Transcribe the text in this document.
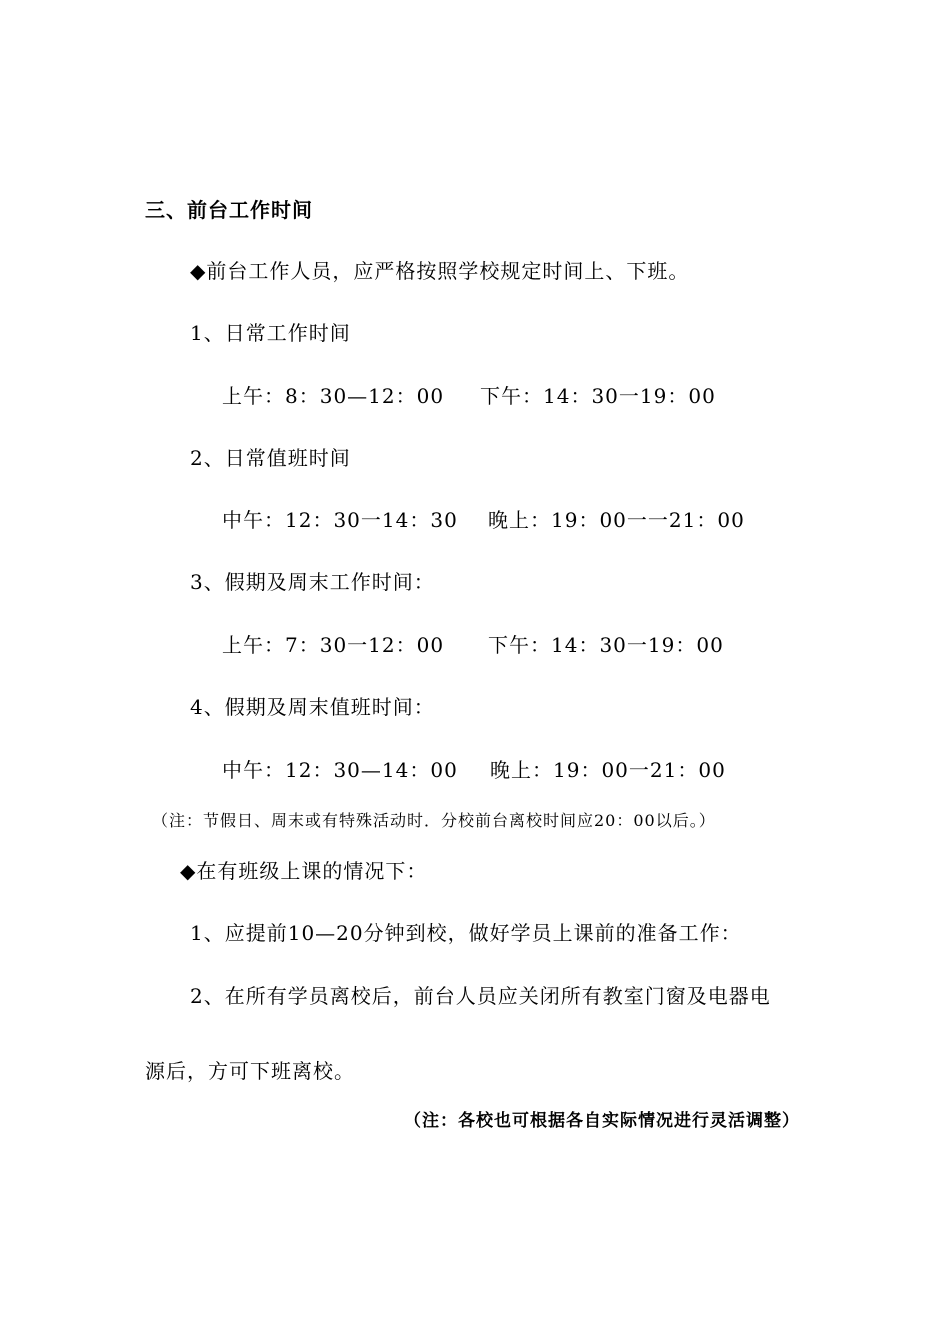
三、前台工作时间
◆前台工作人员，应严格按照学校规定时间上、下班。
1、日常工作时间
上午：8：30—12：00 下午：14：30一19：00
2、日常值班时间
中午：12：30一14：30 晚上：19：00一一21：00
3、假期及周末工作时间：
上午：7：30一12：00 下午：14：30一19：00
4、假期及周末值班时间：
中午：12：30—14：00 晚上：19：00一21：00
（注：节假日、周末或有特殊活动时．分校前台离校时间应20：00以后。）
◆在有班级上课的情况下：
1、应提前10—20分钟到校，做好学员上课前的准备工作：
2、在所有学员离校后，前台人员应关闭所有教室门窗及电器电
源后，方可下班离校。
（注：各校也可根据各自实际情况进行灵活调整）
